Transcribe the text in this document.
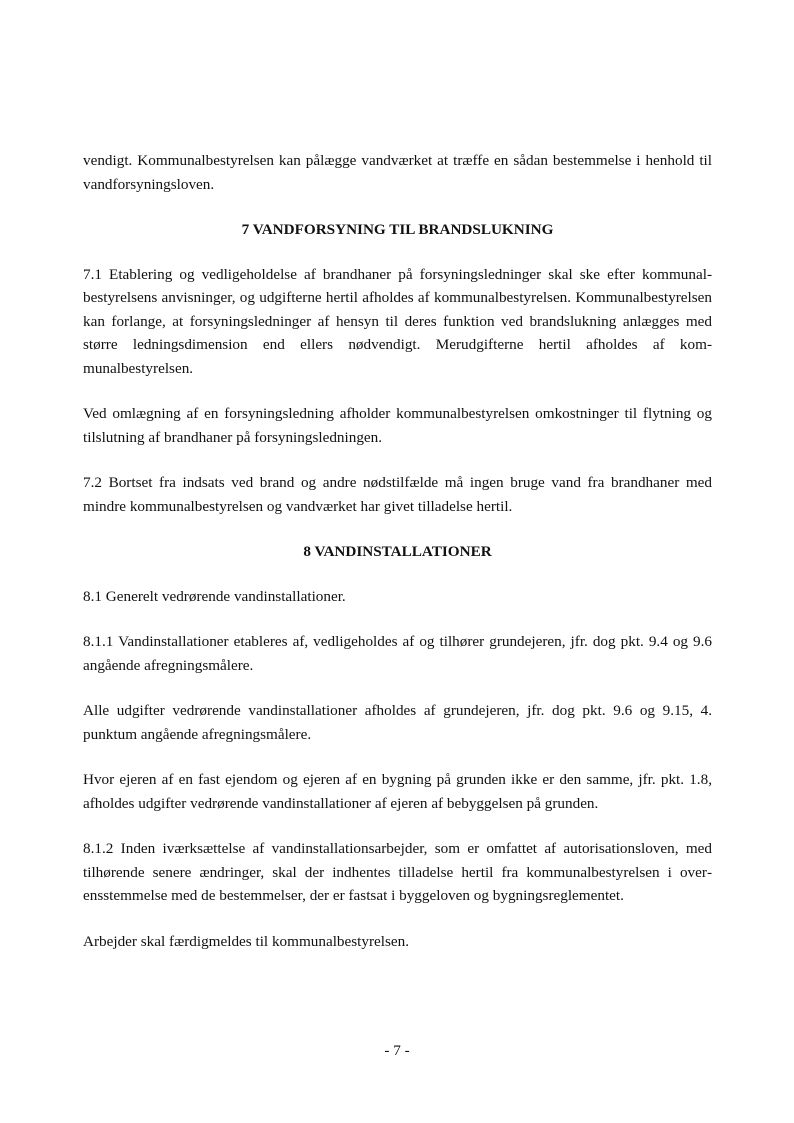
vendigt. Kommunalbestyrelsen kan pålægge vandværket at træffe en sådan bestemmelse i henhold til vandforsyningsloven.

7 VANDFORSYNING TIL BRANDSLUKNING

7.1 Etablering og vedligeholdelse af brandhaner på forsyningsledninger skal ske efter kommunalbestyrelsens anvisninger, og udgifterne hertil afholdes af kommunalbestyrelsen. Kommunalbestyrelsen kan forlange, at forsyningsledninger af hensyn til deres funktion ved brandslukning anlægges med større ledningsdimension end ellers nødvendigt. Merudgifterne hertil afholdes af kommunalbestyrelsen.

Ved omlægning af en forsyningsledning afholder kommunalbestyrelsen omkostninger til flytning og tilslutning af brandhaner på forsyningsledningen.

7.2 Bortset fra indsats ved brand og andre nødstilfælde må ingen bruge vand fra brandhaner med mindre kommunalbestyrelsen og vandværket har givet tilladelse hertil.

8 VANDINSTALLATIONER

8.1 Generelt vedrørende vandinstallationer.

8.1.1 Vandinstallationer etableres af, vedligeholdes af og tilhører grundejeren, jfr. dog pkt. 9.4 og 9.6 angående afregningsmålere.

Alle udgifter vedrørende vandinstallationer afholdes af grundejeren, jfr. dog pkt. 9.6 og 9.15, 4. punktum angående afregningsmålere.

Hvor ejeren af en fast ejendom og ejeren af en bygning på grunden ikke er den samme, jfr. pkt. 1.8, afholdes udgifter vedrørende vandinstallationer af ejeren af bebyggelsen på grunden.

8.1.2 Inden iværksættelse af vandinstallationsarbejder, som er omfattet af autorisationsloven, med tilhørende senere ændringer, skal der indhentes tilladelse hertil fra kommunalbestyrelsen i overensstemmelse med de bestemmelser, der er fastsat i byggeloven og bygningsreglementet.

Arbejder skal færdigmeldes til kommunalbestyrelsen.

- 7 -
